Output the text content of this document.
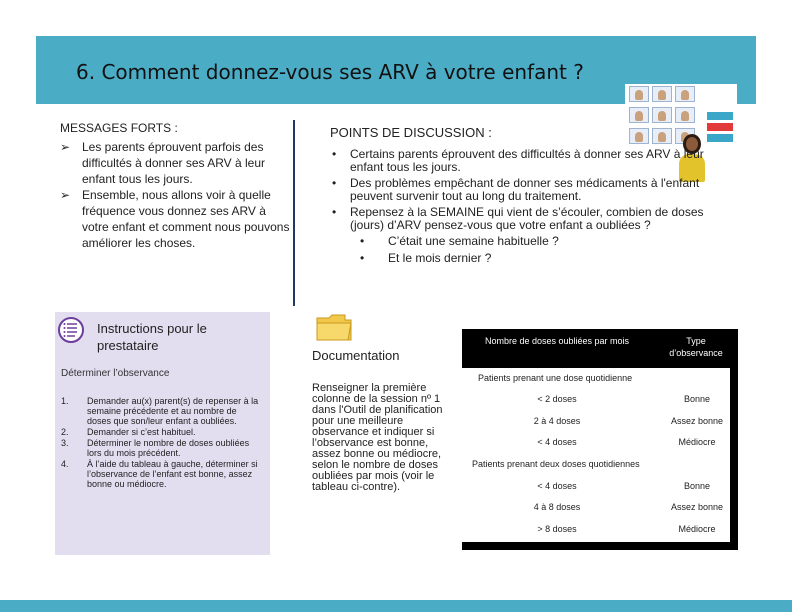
6. Comment donnez-vous ses ARV à votre enfant ?
MESSAGES FORTS :
➢ Les parents éprouvent parfois des difficultés à donner ses ARV à leur enfant tous les jours.
➢ Ensemble, nous allons voir à quelle fréquence vous donnez ses ARV à votre enfant et comment nous pouvons améliorer les choses.
POINTS DE DISCUSSION :
• Certains parents éprouvent des difficultés à donner ses ARV à leur enfant tous les jours.
• Des problèmes empêchant de donner ses médicaments à l'enfant peuvent survenir tout au long du traitement.
• Repensez à la SEMAINE qui vient de s’écouler, combien de doses (jours) d’ARV pensez-vous que votre enfant a oubliées ?
• C’était une semaine habituelle ?
• Et le mois dernier ?
Instructions pour le prestataire
Déterminer l’observance
1. Demander au(x) parent(s) de repenser à la semaine précédente et au nombre de doses que son/leur enfant a oubliées.
2. Demander si c’est habituel.
3. Déterminer le nombre de doses oubliées lors du mois précédent.
4. À l’aide du tableau à gauche, déterminer si l’observance de l’enfant est bonne, assez bonne ou médiocre.
Documentation
Renseigner la première colonne de la session nº 1 dans l'Outil de planification pour une meilleure observance et indiquer si l’observance est bonne, assez bonne ou médiocre, selon le nombre de doses oubliées par mois (voir le tableau ci-contre).
Nombre de doses oubliées par mois	Type d’observance
Patients prenant une dose quotidienne
< 2 doses	Bonne
2 à 4 doses	Assez bonne
< 4 doses	Médiocre
Patients prenant deux doses quotidiennes
< 4 doses	Bonne
4 à 8 doses	Assez bonne
> 8 doses	Médiocre
